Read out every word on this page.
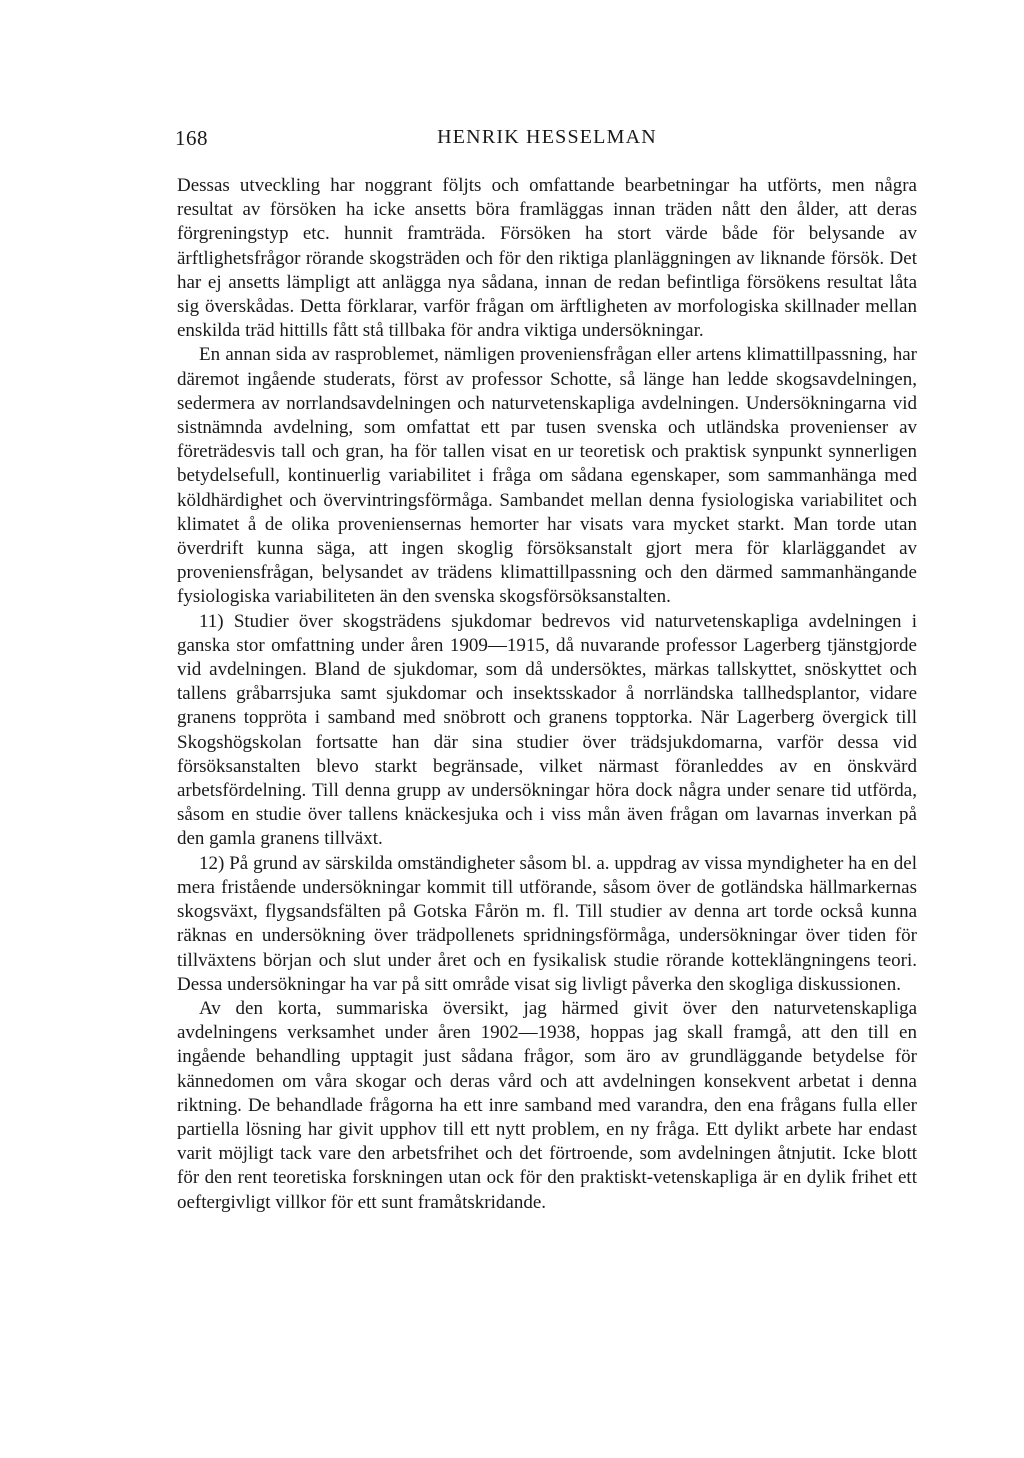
168	HENRIK HESSELMAN

Dessas utveckling har noggrant följts och omfattande bearbetningar ha utförts, men några resultat av försöken ha icke ansetts böra framläggas innan träden nått den ålder, att deras förgreningstyp etc. hunnit framträda. Försöken ha stort värde både för belysande av ärftlighetsfrågor rörande skogsträden och för den riktiga planläggningen av liknande försök. Det har ej ansetts lämpligt att anlägga nya sådana, innan de redan befintliga försökens resultat låta sig överskådas. Detta förklarar, varför frågan om ärftligheten av morfologiska skillnader mellan enskilda träd hittills fått stå tillbaka för andra viktiga undersökningar.

En annan sida av rasproblemet, nämligen proveniensfrågan eller artens klimattillpassning, har däremot ingående studerats, först av professor Schotte, så länge han ledde skogsavdelningen, sedermera av norrlandsavdelningen och naturvetenskapliga avdelningen. Undersökningarna vid sistnämnda avdelning, som omfattat ett par tusen svenska och utländska provenienser av företrädesvis tall och gran, ha för tallen visat en ur teoretisk och praktisk synpunkt synnerligen betydelsefull, kontinuerlig variabilitet i fråga om sådana egenskaper, som sammanhänga med köldhärdighet och övervintringsförmåga. Sambandet mellan denna fysiologiska variabilitet och klimatet å de olika proveniensernas hemorter har visats vara mycket starkt. Man torde utan överdrift kunna säga, att ingen skoglig försöksanstalt gjort mera för klarläggandet av proveniensfrågan, belysandet av trädens klimattillpassning och den därmed sammanhängande fysiologiska variabiliteten än den svenska skogsförsöksanstalten.

11) Studier över skogsträdens sjukdomar bedrevos vid naturvetenskapliga avdelningen i ganska stor omfattning under åren 1909—1915, då nuvarande professor Lagerberg tjänstgjorde vid avdelningen. Bland de sjukdomar, som då undersöktes, märkas tallskyttet, snöskyttet och tallens gråbarrsjuka samt sjukdomar och insektsskador å norrländska tallhedsplantor, vidare granens toppröta i samband med snöbrott och granens topptorka. När Lagerberg övergick till Skogshögskolan fortsatte han där sina studier över trädsjukdomarna, varför dessa vid försöksanstalten blevo starkt begränsade, vilket närmast föranleddes av en önskvärd arbetsfördelning. Till denna grupp av undersökningar höra dock några under senare tid utförda, såsom en studie över tallens knäckesjuka och i viss mån även frågan om lavarnas inverkan på den gamla granens tillväxt.

12) På grund av särskilda omständigheter såsom bl. a. uppdrag av vissa myndigheter ha en del mera fristående undersökningar kommit till utförande, såsom över de gotländska hällmarkernas skogsväxt, flygsandsfälten på Gotska Fårön m. fl. Till studier av denna art torde också kunna räknas en undersökning över trädpollenets spridningsförmåga, undersökningar över tiden för tillväxtens början och slut under året och en fysikalisk studie rörande kotteklängningens teori. Dessa undersökningar ha var på sitt område visat sig livligt påverka den skogliga diskussionen.

Av den korta, summariska översikt, jag härmed givit över den naturvetenskapliga avdelningens verksamhet under åren 1902—1938, hoppas jag skall framgå, att den till en ingående behandling upptagit just sådana frågor, som äro av grundläggande betydelse för kännedomen om våra skogar och deras vård och att avdelningen konsekvent arbetat i denna riktning. De behandlade frågorna ha ett inre samband med varandra, den ena frågans fulla eller partiella lösning har givit upphov till ett nytt problem, en ny fråga. Ett dylikt arbete har endast varit möjligt tack vare den arbetsfrihet och det förtroende, som avdelningen åtnjutit. Icke blott för den rent teoretiska forskningen utan ock för den praktiskt-vetenskapliga är en dylik frihet ett oeftergivligt villkor för ett sunt framåtskridande.
